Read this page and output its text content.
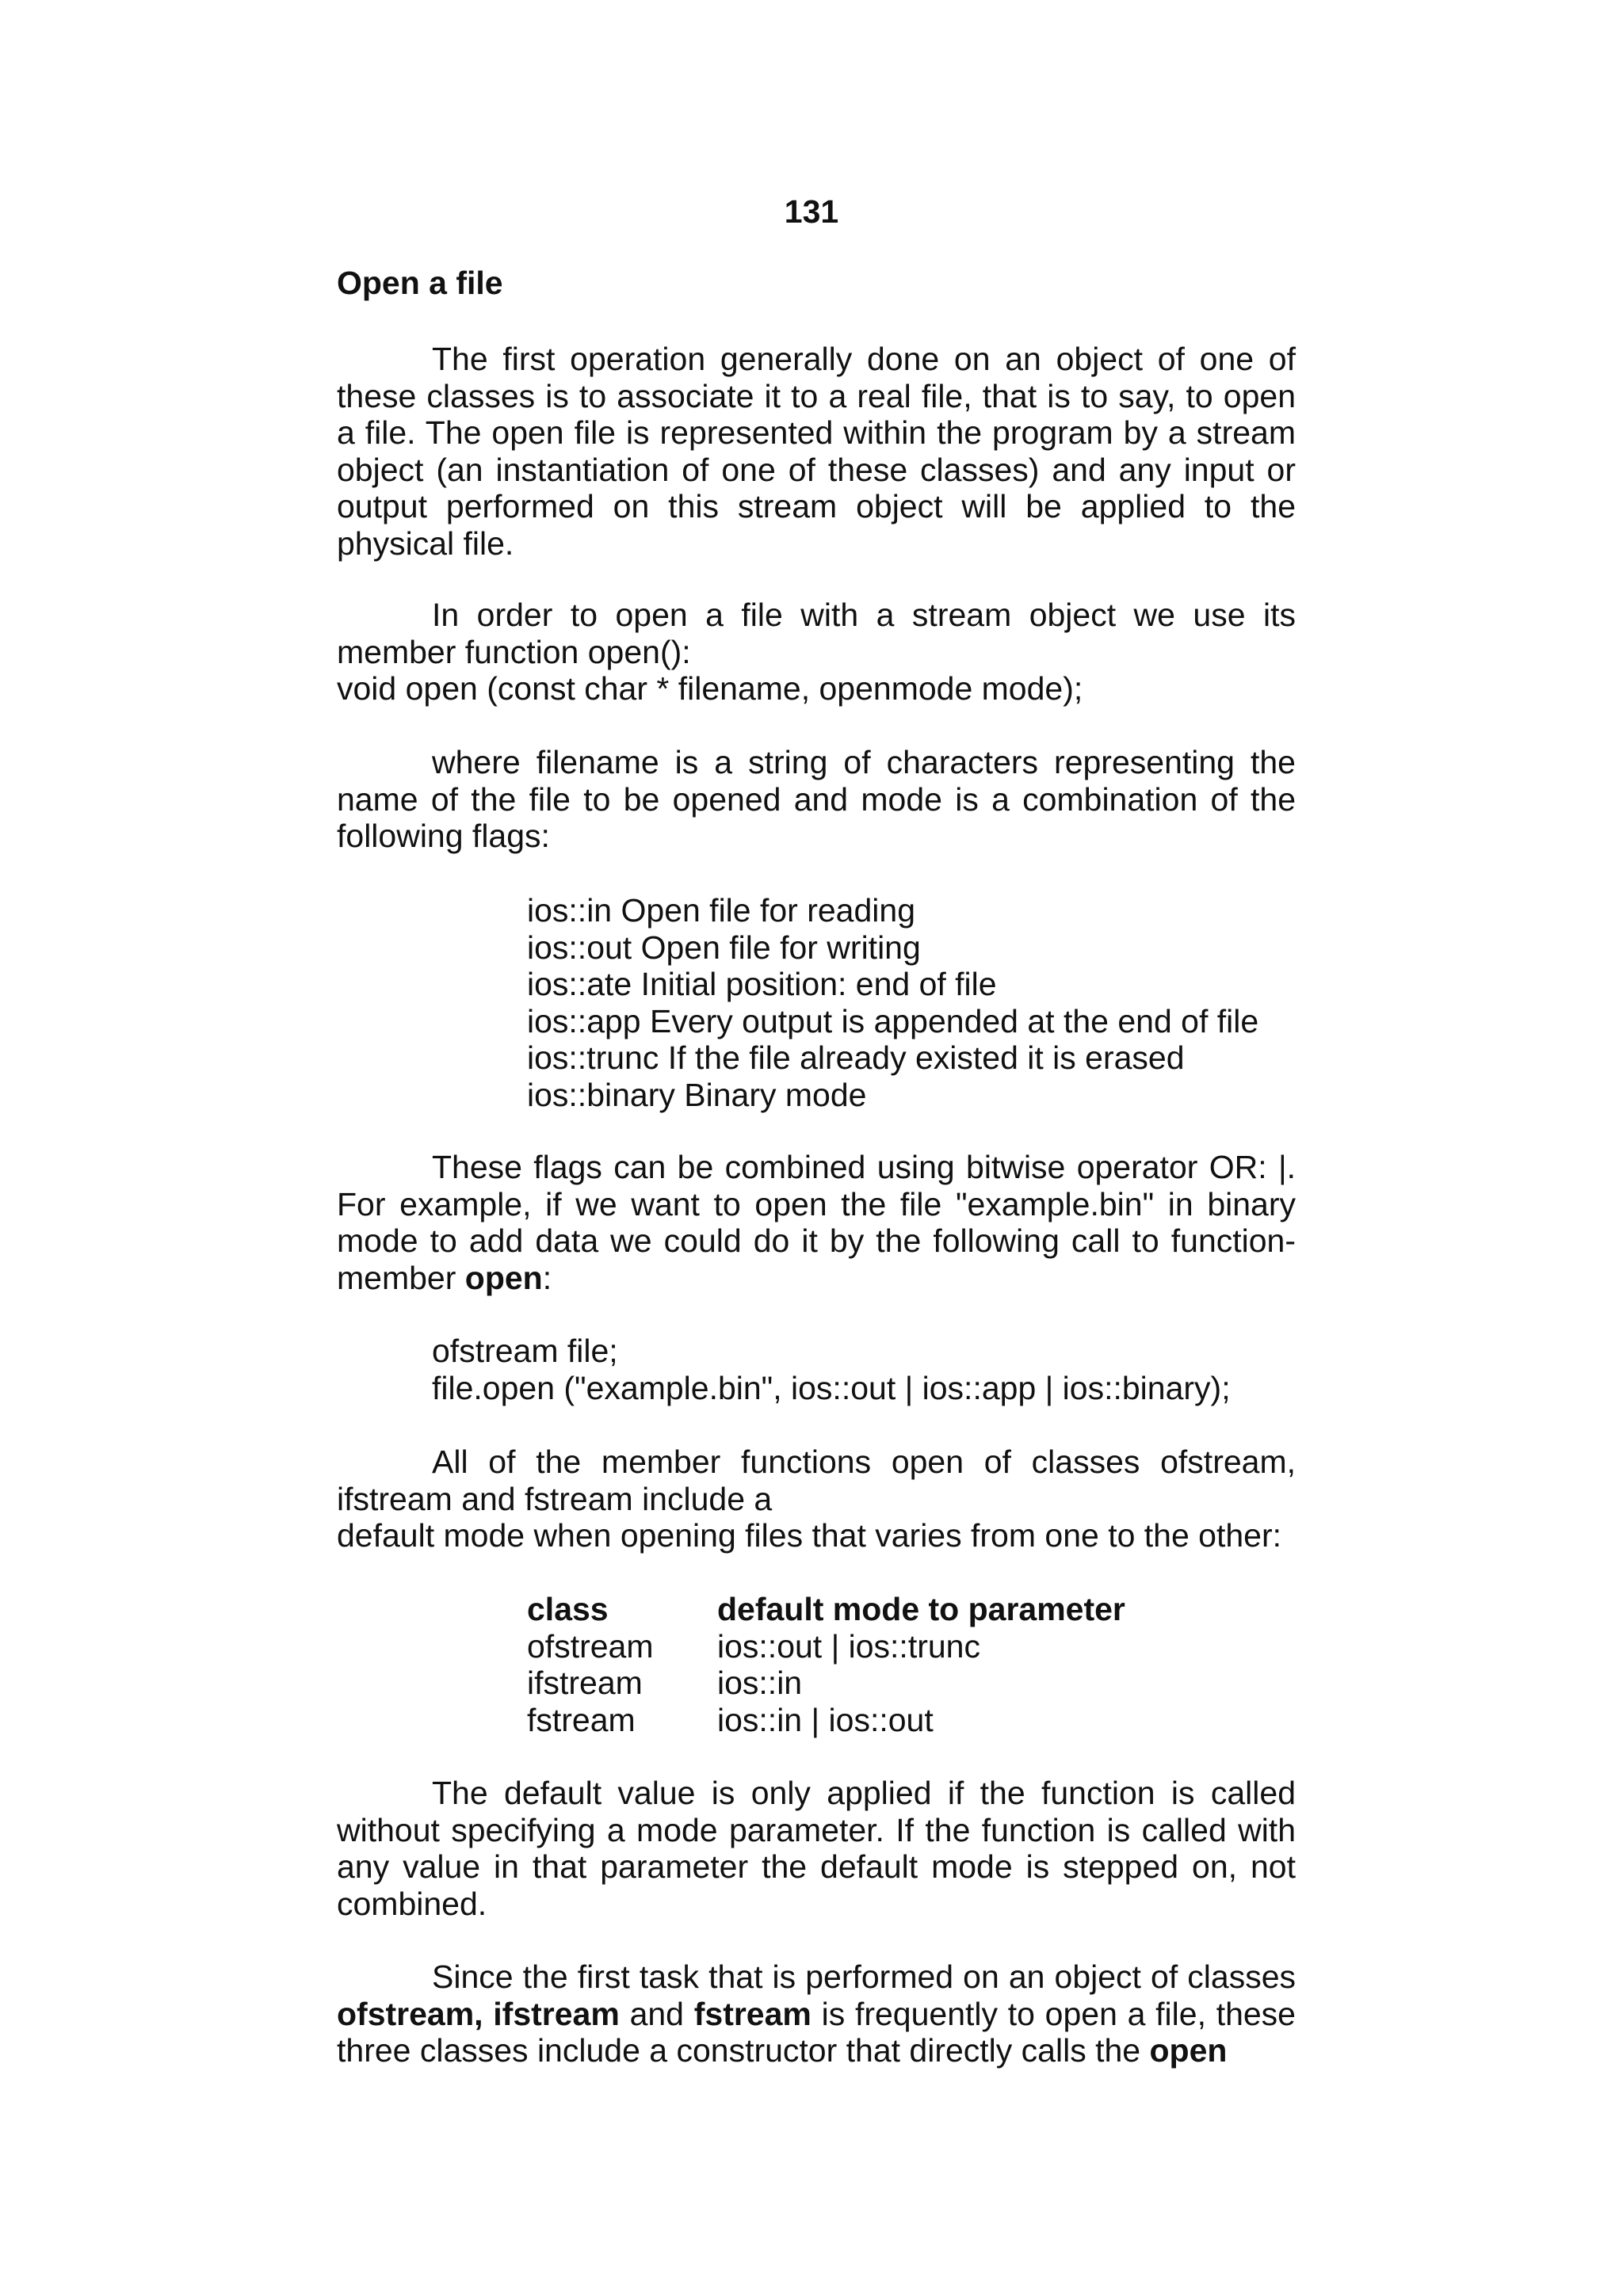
131
Open a file

The first operation generally done on an object of one of these classes is to associate it to a real file, that is to say, to open a file. The open file is represented within the program by a stream object (an instantiation of one of these classes) and any input or output performed on this stream object will be applied to the physical file.

In order to open a file with a stream object we use its member function open():

void open (const char * filename, openmode mode);

where filename is a string of characters representing the name of the file to be opened and mode is a combination of the following flags:

ios::in Open file for reading
ios::out Open file for writing
ios::ate Initial position: end of file
ios::app Every output is appended at the end of file
ios::trunc If the file already existed it is erased
ios::binary Binary mode

These flags can be combined using bitwise operator OR: |. For example, if we want to open the file "example.bin" in binary mode to add data we could do it by the following call to function-member open:

ofstream file;
file.open ("example.bin", ios::out | ios::app | ios::binary);

All of the member functions open of classes ofstream, ifstream and fstream include a

default mode when opening files that varies from one to the other:

class	default mode to parameter
ofstream	ios::out | ios::trunc
ifstream	ios::in
fstream	ios::in | ios::out

The default value is only applied if the function is called without specifying a mode parameter. If the function is called with any value in that parameter the default mode is stepped on, not combined.

Since the first task that is performed on an object of classes ofstream, ifstream and fstream is frequently to open a file, these three classes include a constructor that directly calls the open
